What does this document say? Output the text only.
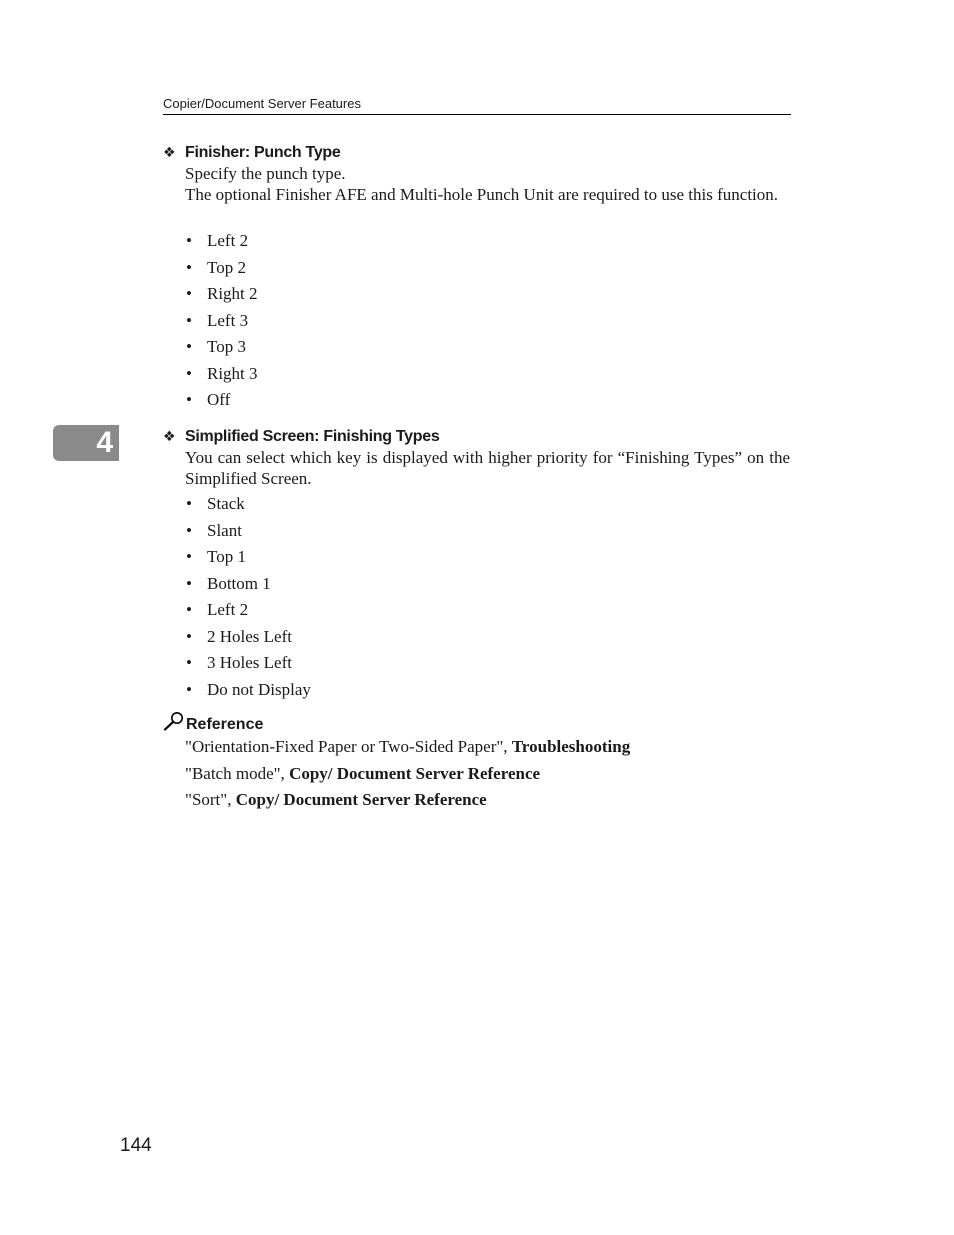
Copier/Document Server Features
4
❖ Finisher: Punch Type
Specify the punch type.
The optional Finisher AFE and Multi-hole Punch Unit are required to use this function.
• Left 2
• Top 2
• Right 2
• Left 3
• Top 3
• Right 3
• Off
❖ Simplified Screen: Finishing Types
You can select which key is displayed with higher priority for “Finishing Types” on the Simplified Screen.
• Stack
• Slant
• Top 1
• Bottom 1
• Left 2
• 2 Holes Left
• 3 Holes Left
• Do not Display
Reference
"Orientation-Fixed Paper or Two-Sided Paper", Troubleshooting
"Batch mode", Copy/ Document Server Reference
"Sort", Copy/ Document Server Reference
144
